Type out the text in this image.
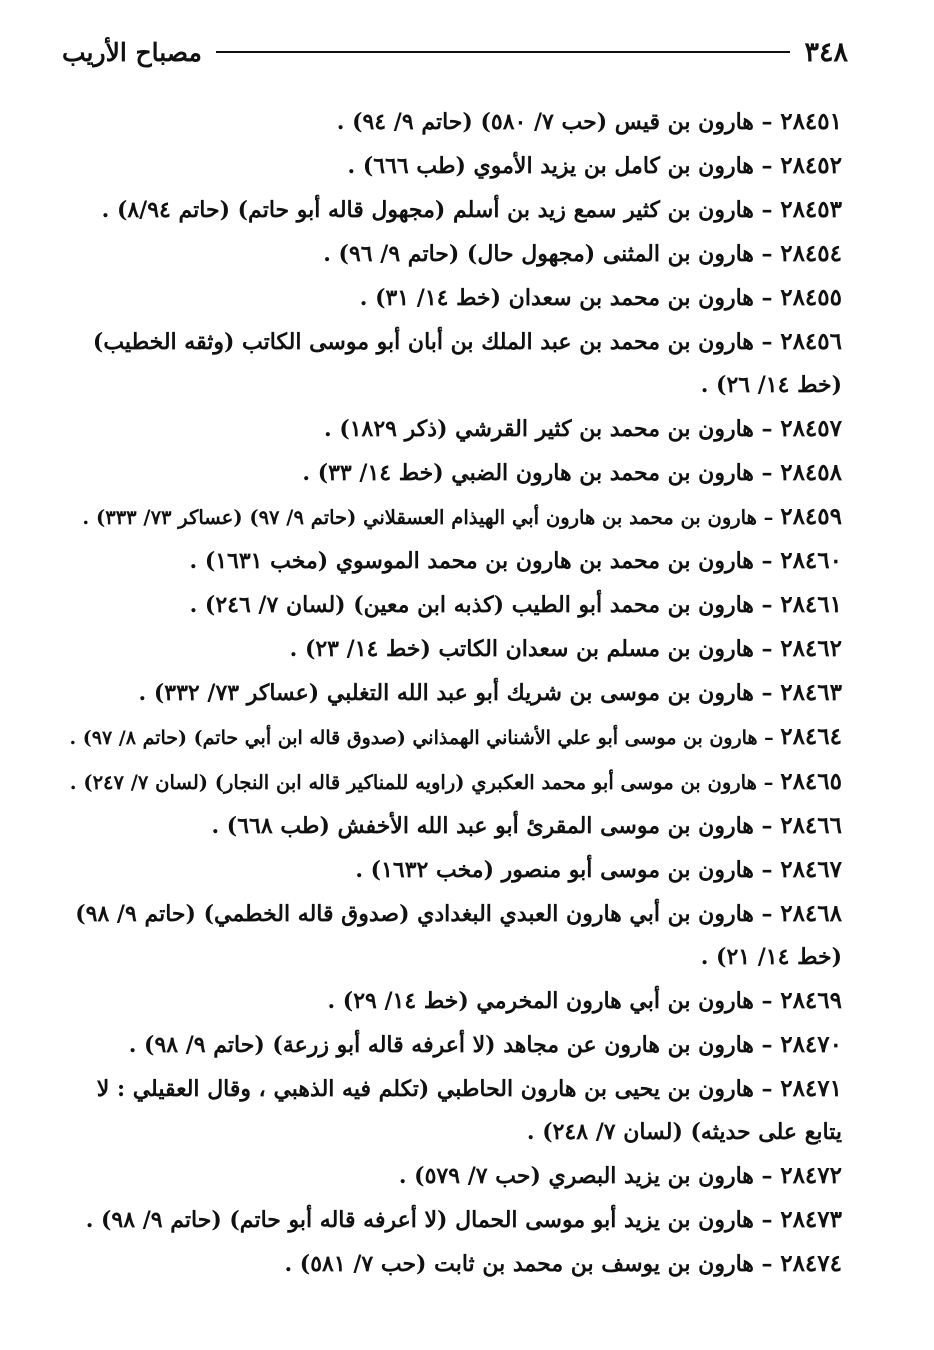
٣٤٨
مصباح الأريب
٢٨٤٥١ – هارون بن قيس (حب ٧/ ٥٨٠) (حاتم ٩/ ٩٤) .
٢٨٤٥٢ – هارون بن كامل بن يزيد الأموي (طب ٦٦٦) .
٢٨٤٥٣ – هارون بن كثير سمع زيد بن أسلم (مجهول قاله أبو حاتم) (حاتم ٨/٩٤) .
٢٨٤٥٤ – هارون بن المثنى (مجهول حال) (حاتم ٩/ ٩٦) .
٢٨٤٥٥ – هارون بن محمد بن سعدان (خط ١٤/ ٣١) .
٢٨٤٥٦ – هارون بن محمد بن عبد الملك بن أبان أبو موسى الكاتب (وثقه الخطيب) (خط ١٤/ ٢٦) .
٢٨٤٥٧ – هارون بن محمد بن كثير القرشي (ذكر ١٨٢٩) .
٢٨٤٥٨ – هارون بن محمد بن هارون الضبي (خط ١٤/ ٣٣) .
٢٨٤٥٩ – هارون بن محمد بن هارون أبي الهيذام العسقلاني (حاتم ٩/ ٩٧) (عساكر ٧٣/ ٣٣٣) .
٢٨٤٦٠ – هارون بن محمد بن هارون بن محمد الموسوي (مخب ١٦٣١) .
٢٨٤٦١ – هارون بن محمد أبو الطيب (كذبه ابن معين) (لسان ٧/ ٢٤٦) .
٢٨٤٦٢ – هارون بن مسلم بن سعدان الكاتب (خط ١٤/ ٢٣) .
٢٨٤٦٣ – هارون بن موسى بن شريك أبو عبد الله التغلبي (عساكر ٧٣/ ٣٣٢) .
٢٨٤٦٤ – هارون بن موسى أبو علي الأشناني الهمذاني (صدوق قاله ابن أبي حاتم) (حاتم ٨/ ٩٧) .
٢٨٤٦٥ – هارون بن موسى أبو محمد العكبري (راويه للمناكير قاله ابن النجار) (لسان ٧/ ٢٤٧) .
٢٨٤٦٦ – هارون بن موسى المقرئ أبو عبد الله الأخفش (طب ٦٦٨) .
٢٨٤٦٧ – هارون بن موسى أبو منصور (مخب ١٦٣٢) .
٢٨٤٦٨ – هارون بن أبي هارون العبدي البغدادي (صدوق قاله الخطمي) (حاتم ٩/ ٩٨) (خط ١٤/ ٢١) .
٢٨٤٦٩ – هارون بن أبي هارون المخرمي (خط ١٤/ ٢٩) .
٢٨٤٧٠ – هارون بن هارون عن مجاهد (لا أعرفه قاله أبو زرعة) (حاتم ٩/ ٩٨) .
٢٨٤٧١ – هارون بن يحيى بن هارون الحاطبي (تكلم فيه الذهبي ، وقال العقيلي : لا يتابع على حديثه) (لسان ٧/ ٢٤٨) .
٢٨٤٧٢ – هارون بن يزيد البصري (حب ٧/ ٥٧٩) .
٢٨٤٧٣ – هارون بن يزيد أبو موسى الحمال (لا أعرفه قاله أبو حاتم) (حاتم ٩/ ٩٨) .
٢٨٤٧٤ – هارون بن يوسف بن محمد بن ثابت (حب ٧/ ٥٨١) .
